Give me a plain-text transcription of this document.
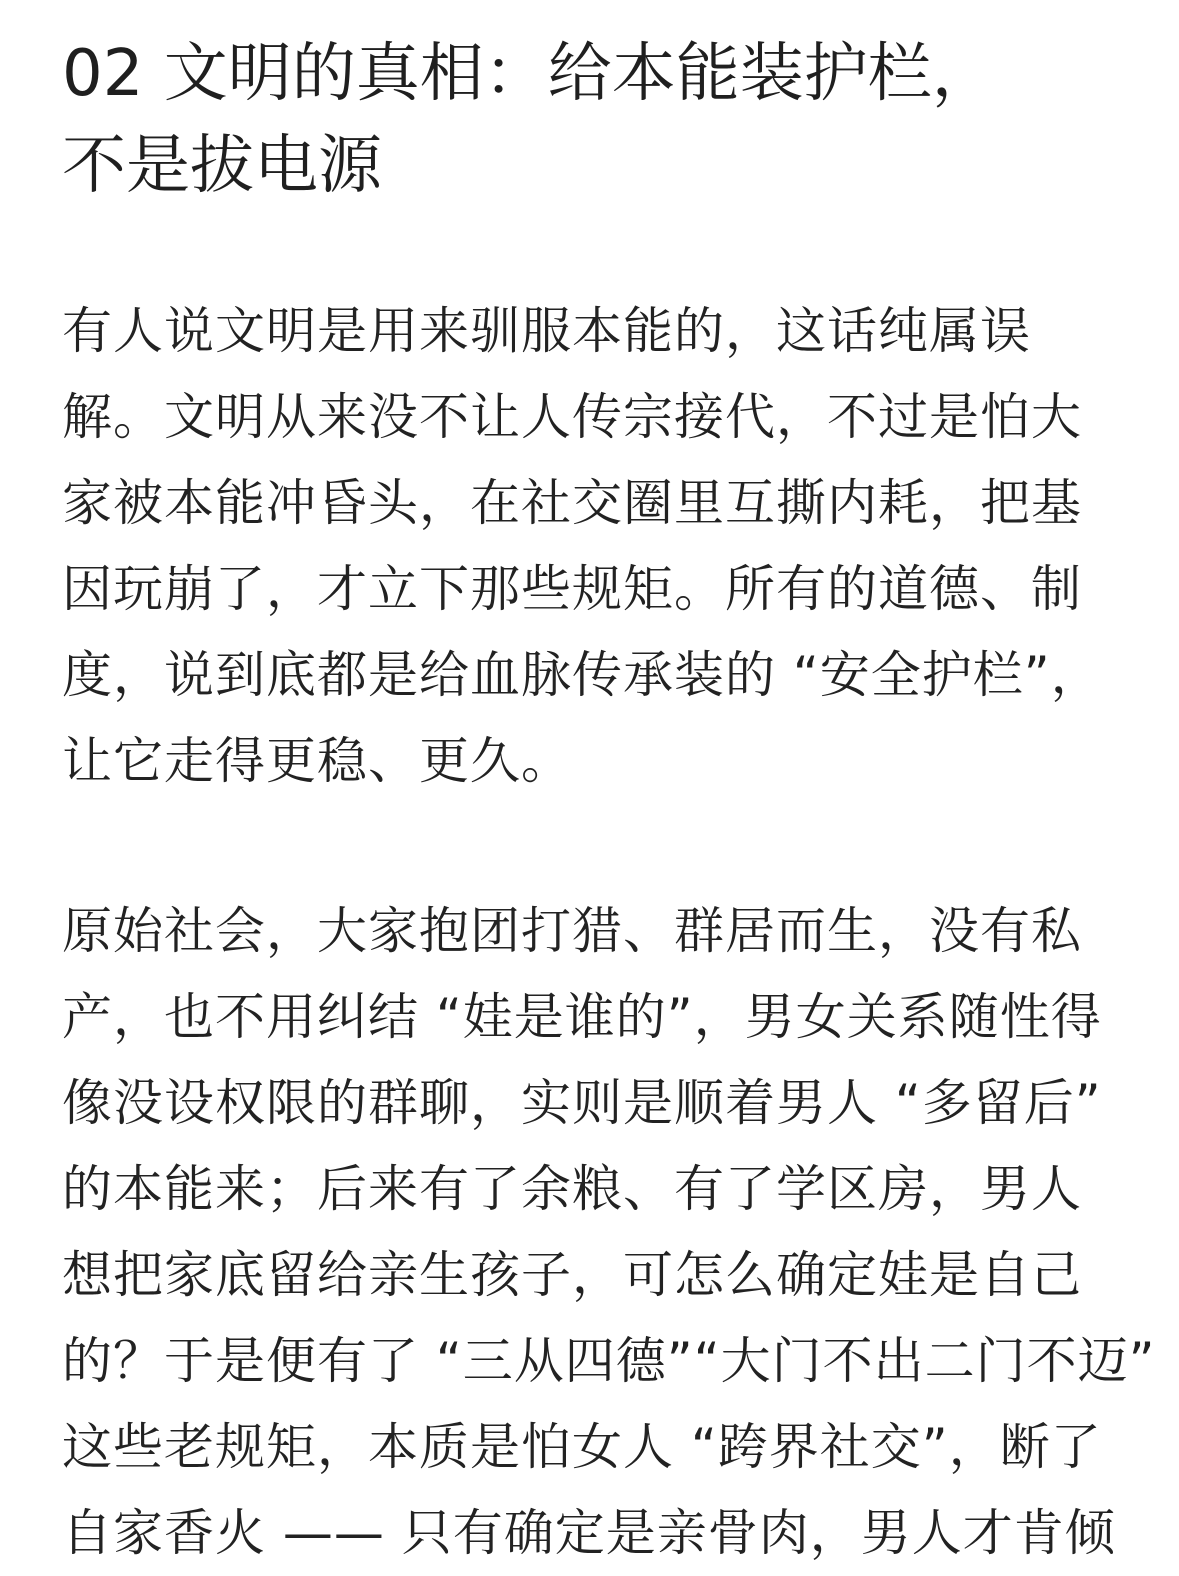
02 文明的真相：给本能装护栏，
不是拔电源

有人说文明是用来驯服本能的，这话纯属误
解。文明从来没不让人传宗接代，不过是怕大
家被本能冲昏头，在社交圈里互撕内耗，把基
因玩崩了，才立下那些规矩。所有的道德、制
度，说到底都是给血脉传承装的 “安全护栏”，
让它走得更稳、更久。

原始社会，大家抱团打猎、群居而生，没有私
产，也不用纠结 “娃是谁的”，男女关系随性得
像没设权限的群聊，实则是顺着男人 “多留后”
的本能来；后来有了余粮、有了学区房，男人
想把家底留给亲生孩子，可怎么确定娃是自己
的？于是便有了 “三从四德”“大门不出二门不迈”
这些老规矩，本质是怕女人 “跨界社交”，断了
自家香火 —— 只有确定是亲骨肉，男人才肯倾
